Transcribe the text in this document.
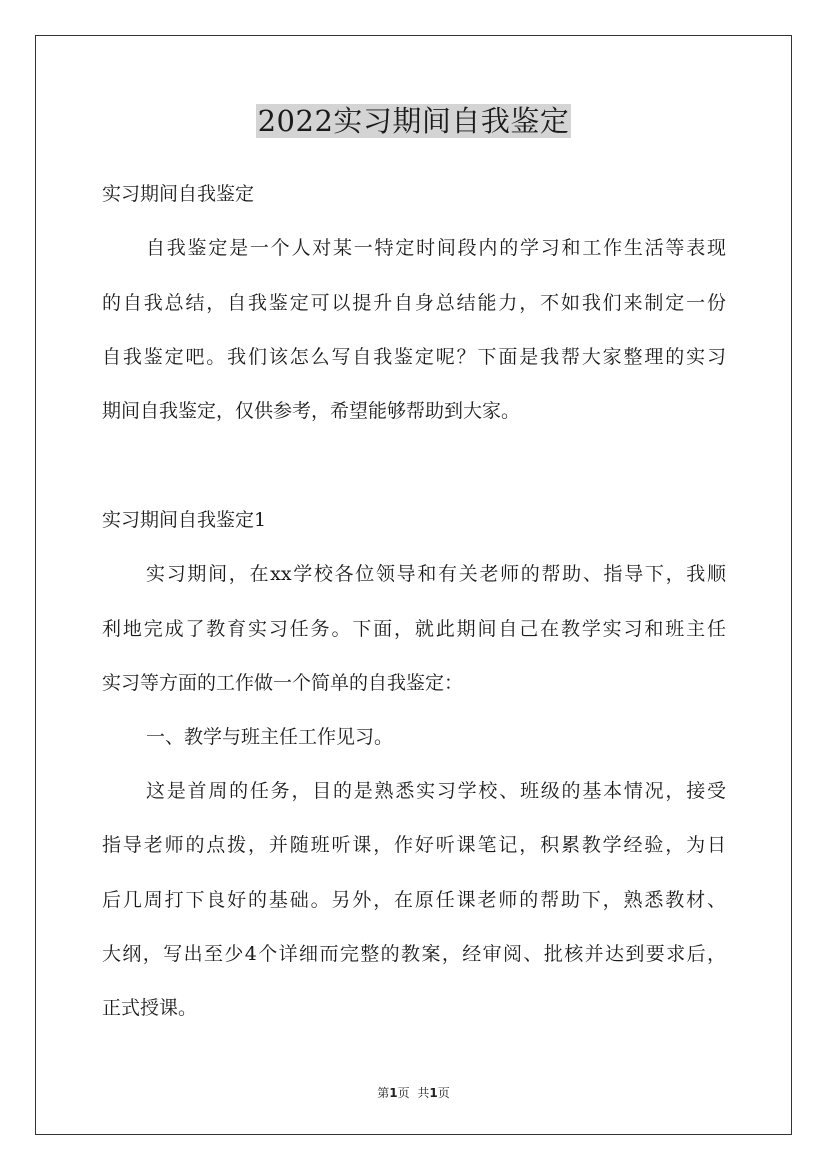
2022实习期间自我鉴定
实习期间自我鉴定
自我鉴定是一个人对某一特定时间段内的学习和工作生活等表现
的自我总结，自我鉴定可以提升自身总结能力，不如我们来制定一份
自我鉴定吧。我们该怎么写自我鉴定呢？下面是我帮大家整理的实习
期间自我鉴定，仅供参考，希望能够帮助到大家。
实习期间自我鉴定1
实习期间，在xx学校各位领导和有关老师的帮助、指导下，我顺
利地完成了教育实习任务。下面，就此期间自己在教学实习和班主任
实习等方面的工作做一个简单的自我鉴定：
一、教学与班主任工作见习。
这是首周的任务，目的是熟悉实习学校、班级的基本情况，接受
指导老师的点拨，并随班听课，作好听课笔记，积累教学经验，为日
后几周打下良好的基础。另外，在原任课老师的帮助下，熟悉教材、
大纲，写出至少4个详细而完整的教案，经审阅、批核并达到要求后，
正式授课。
第1页 共1页
